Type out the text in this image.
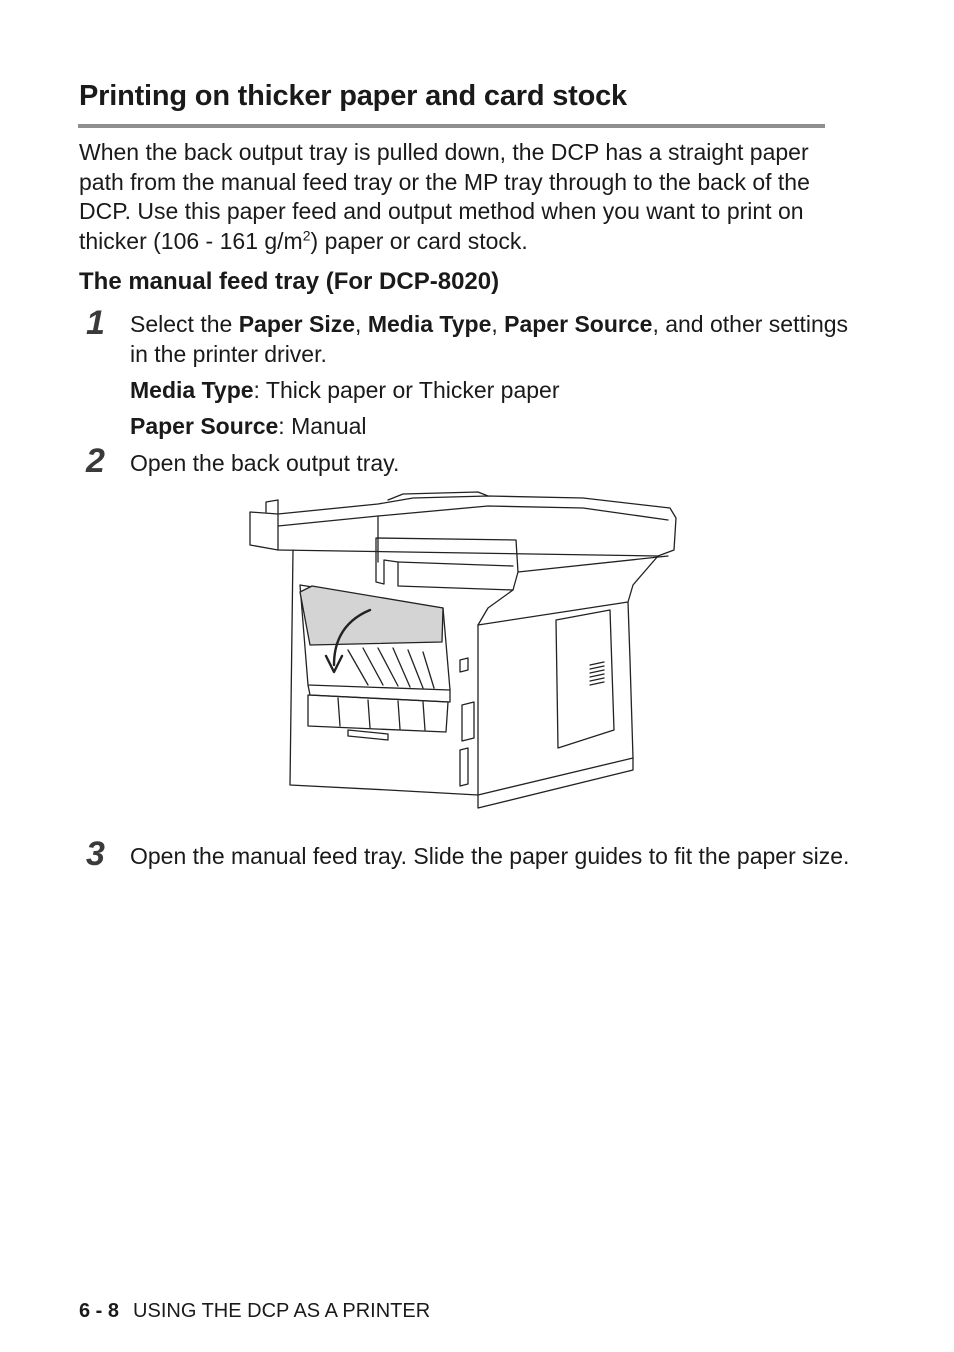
Printing on thicker paper and card stock

When the back output tray is pulled down, the DCP has a straight paper path from the manual feed tray or the MP tray through to the back of the DCP. Use this paper feed and output method when you want to print on thicker (106 - 161 $g/m^2$) paper or card stock.

The manual feed tray (For DCP-8020)
1 Select the Paper Size, Media Type, Paper Source, and other settings in the printer driver.

Media Type: Thick paper or Thicker paper

Paper Source: Manual

2 Open the back output tray.

3 Open the manual feed tray. Slide the paper guides to fit the paper size.

6 - 8 USING THE DCP AS A PRINTER
